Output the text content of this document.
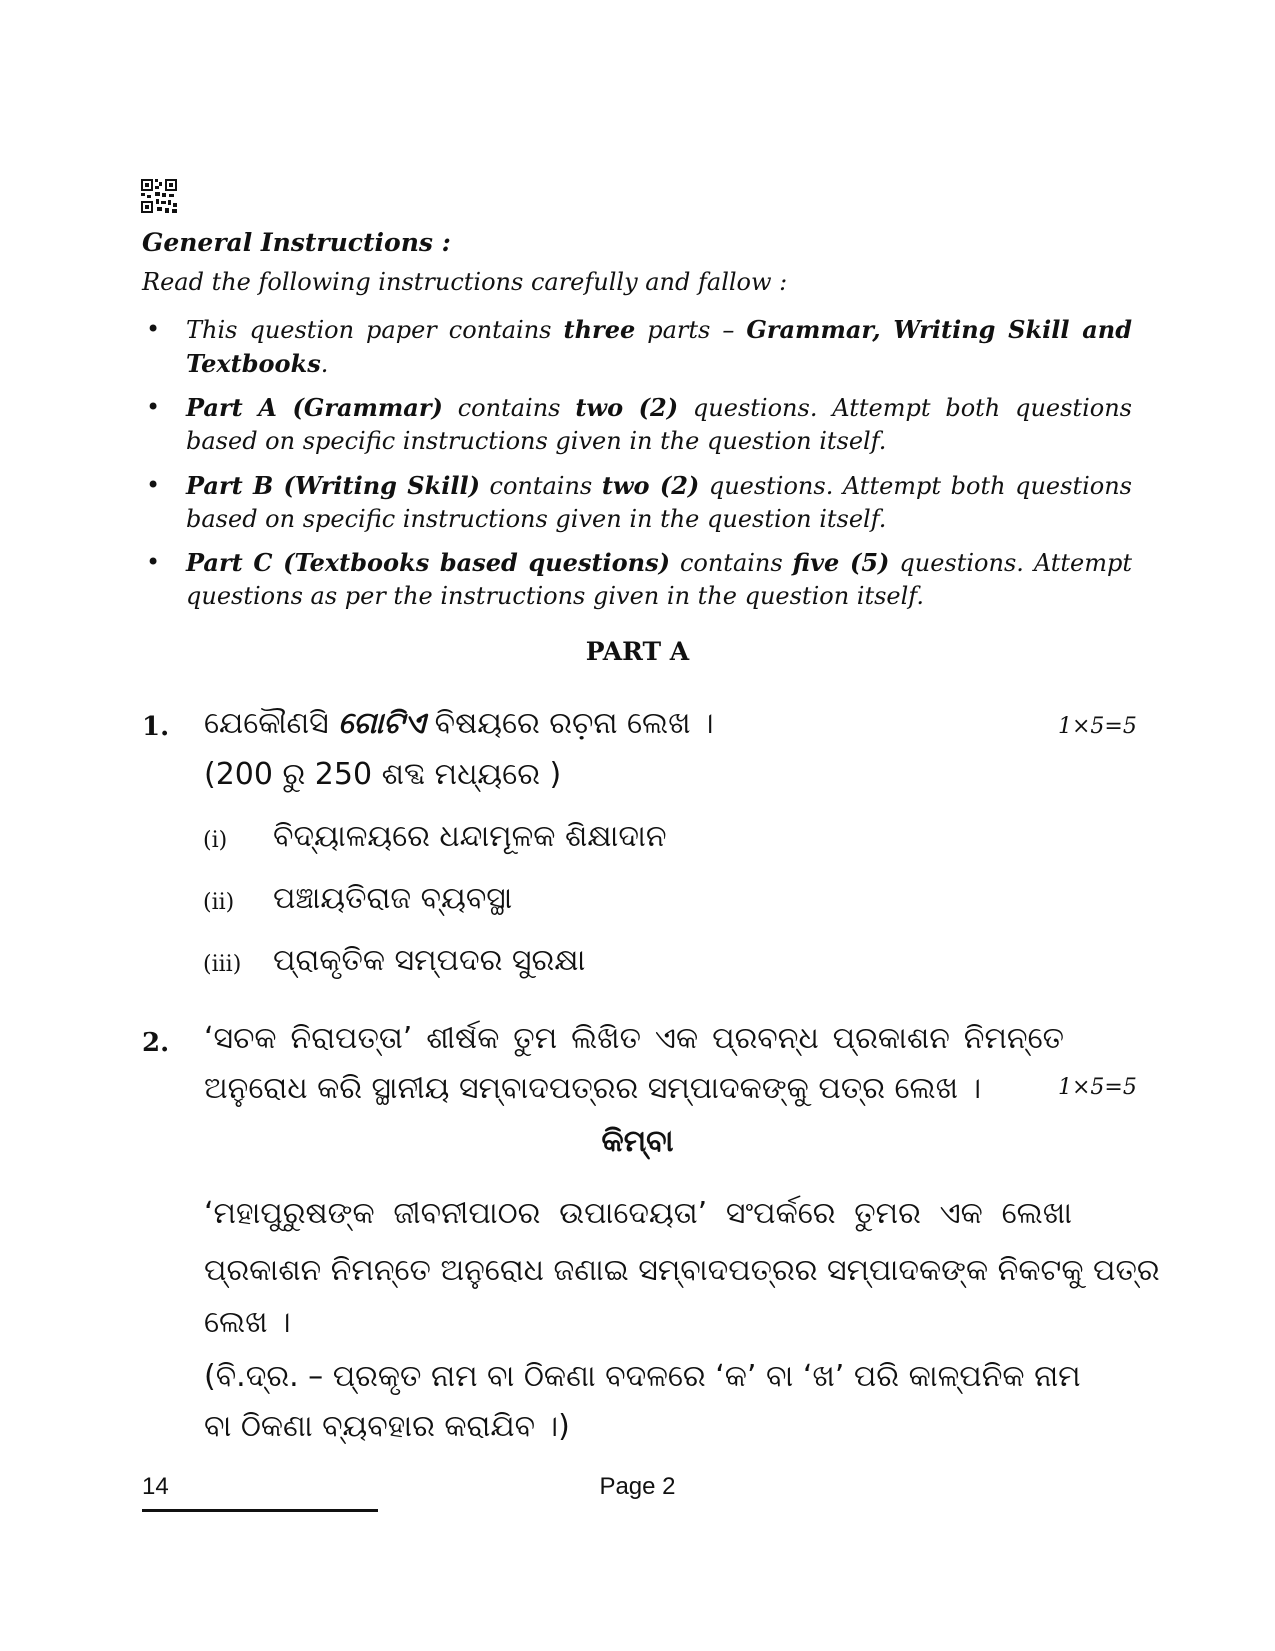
General Instructions :
Read the following instructions carefully and fallow :
• This question paper contains three parts – Grammar, Writing Skill and Textbooks.
• Part A (Grammar) contains two (2) questions. Attempt both questions based on specific instructions given in the question itself.
• Part B (Writing Skill) contains two (2) questions. Attempt both questions based on specific instructions given in the question itself.
• Part C (Textbooks based questions) contains five (5) questions. Attempt questions as per the instructions given in the question itself.
PART A
1. ଯେକୌଣସି ଗୋଟିଏ ବିଷୟରେ ରଚ଼ନା ଲେଖ ।	1×5=5
(200 ରୁ 250 ଶବ୍ଦ ମଧ୍ୟରେ )
(i) ବିଦ୍ୟାଳୟରେ ଧନ୍ଦାମୂଳକ ଶିକ୍ଷାଦାନ
(ii) ପଞ୍ଚାୟତିରାଜ ବ୍ୟବସ୍ଥା
(iii) ପ୍ରାକୃତିକ ସମ୍ପଦର ସୁରକ୍ଷା
2. ‘ସଚକ ନିରାପତ୍ତା’ ଶୀର୍ଷକ ତୁମ ଲିଖିତ ଏକ ପ୍ରବନ୍ଧ ପ୍ରକାଶନ ନିମନ୍ତେ
ଅନୁରୋଧ କରି ସ୍ଥାନୀୟ ସମ୍ବାଦପତ୍ରର ସମ୍ପାଦକଙ୍କୁ ପତ୍ର ଲେଖ ।	1×5=5
କିମ୍ବା
‘ମହାପୁରୁଷଙ୍କ ଜୀବନୀପାଠର ଉପାଦେୟତା’ ସଂପର୍କରେ ତୁମର ଏକ ଲେଖା
ପ୍ରକାଶନ ନିମନ୍ତେ ଅନୁରୋଧ ଜଣାଇ ସମ୍ବାଦପତ୍ରର ସମ୍ପାଦକଙ୍କ ନିକଟକୁ ପତ୍ର
ଲେଖ ।
(ବି.ଦ୍ର. – ପ୍ରକୃତ ନାମ ବା ଠିକଣା ବଦଳରେ ‘କ’ ବା ‘ଖ’ ପରି କାଳ୍ପନିକ ନାମ
ବା ଠିକଣା ବ୍ୟବହାର କରାଯିବ ।)
14	Page 2
